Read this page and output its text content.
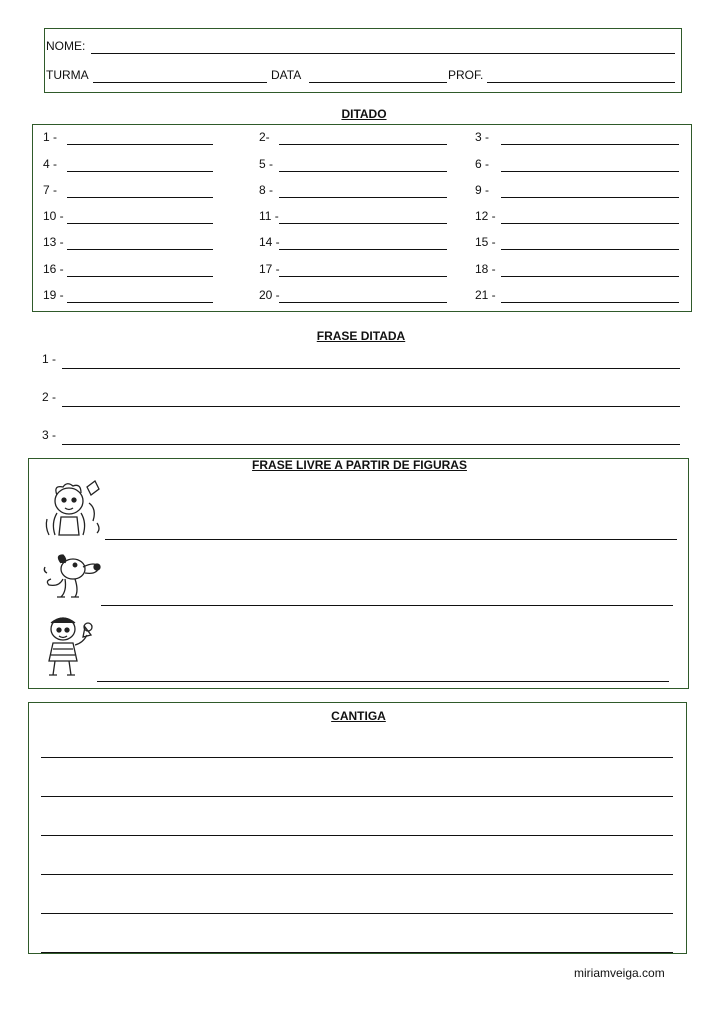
NOME:
TURMA	DATA	PROF.
DITADO
1 -	2-	3 -
4 -	5 -	6 -
7 -	8 -	9 -
10 -	11 -	12 -
13 -	14 -	15 -
16 -	17 -	18 -
19 -	20 -	21 -
FRASE DITADA
1 -
2 -
3 -
FRASE LIVRE A PARTIR DE FIGURAS
CANTIGA
miriamveiga.com
